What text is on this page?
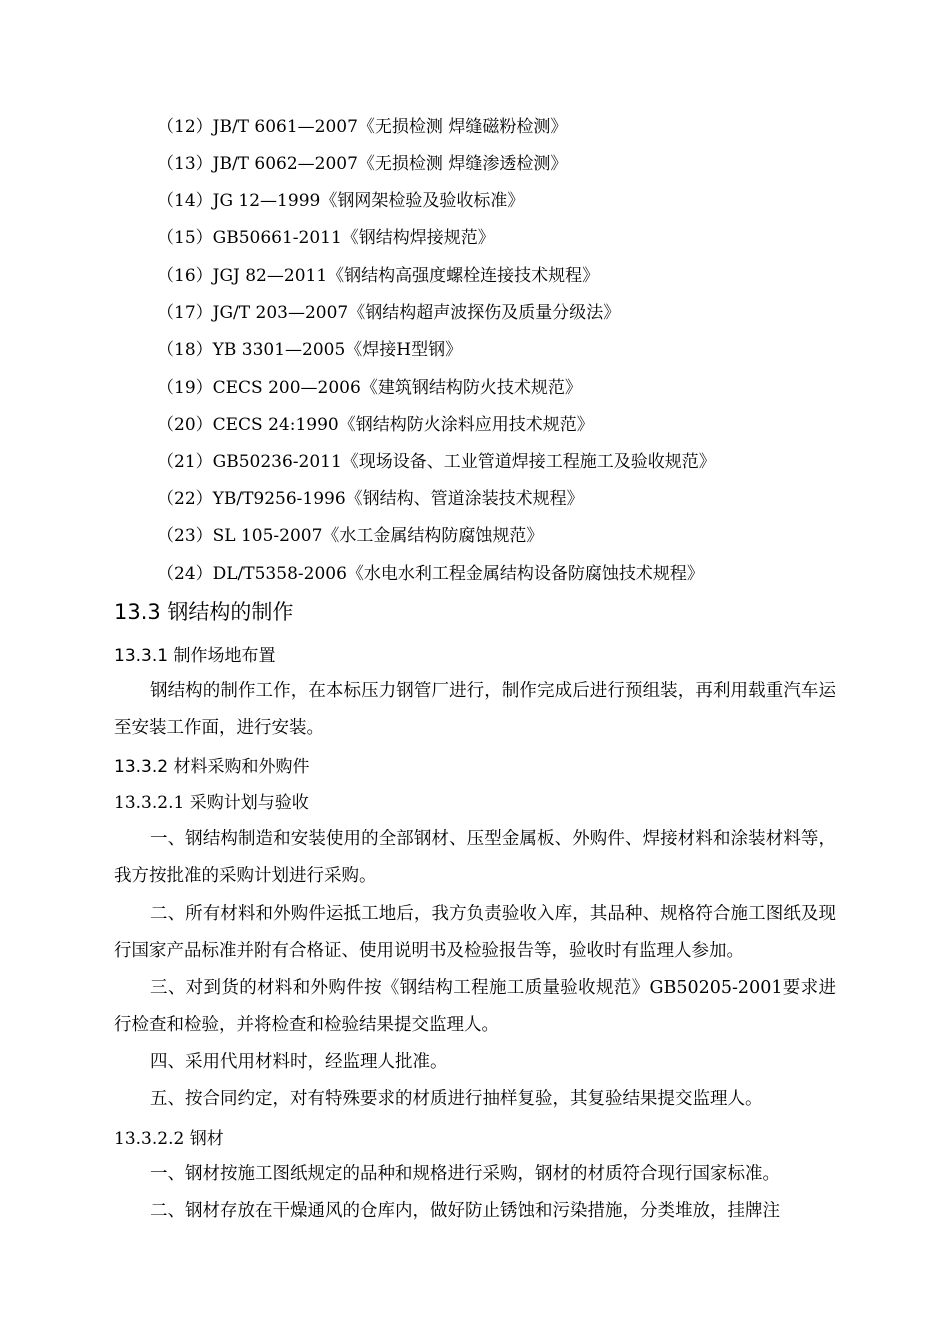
（12）JB/T 6061—2007《无损检测 焊缝磁粉检测》
（13）JB/T 6062—2007《无损检测 焊缝渗透检测》
（14）JG 12—1999《钢网架检验及验收标准》
（15）GB50661-2011《钢结构焊接规范》
（16）JGJ 82—2011《钢结构高强度螺栓连接技术规程》
（17）JG/T 203—2007《钢结构超声波探伤及质量分级法》
（18）YB 3301—2005《焊接H型钢》
（19）CECS 200—2006《建筑钢结构防火技术规范》
（20）CECS 24:1990《钢结构防火涂料应用技术规范》
（21）GB50236-2011《现场设备、工业管道焊接工程施工及验收规范》
（22）YB/T9256-1996《钢结构、管道涂装技术规程》
（23）SL 105-2007《水工金属结构防腐蚀规范》
（24）DL/T5358-2006《水电水利工程金属结构设备防腐蚀技术规程》
13.3 钢结构的制作
13.3.1 制作场地布置
钢结构的制作工作，在本标压力钢管厂进行，制作完成后进行预组装，再利用载重汽车运至安装工作面，进行安装。
13.3.2 材料采购和外购件
13.3.2.1 采购计划与验收
一、钢结构制造和安装使用的全部钢材、压型金属板、外购件、焊接材料和涂装材料等，我方按批准的采购计划进行采购。
二、所有材料和外购件运抵工地后，我方负责验收入库，其品种、规格符合施工图纸及现行国家产品标准并附有合格证、使用说明书及检验报告等，验收时有监理人参加。
三、对到货的材料和外购件按《钢结构工程施工质量验收规范》GB50205-2001要求进行检查和检验，并将检查和检验结果提交监理人。
四、采用代用材料时，经监理人批准。
五、按合同约定，对有特殊要求的材质进行抽样复验，其复验结果提交监理人。
13.3.2.2 钢材
一、钢材按施工图纸规定的品种和规格进行采购，钢材的材质符合现行国家标准。
二、钢材存放在干燥通风的仓库内，做好防止锈蚀和污染措施，分类堆放，挂牌注
